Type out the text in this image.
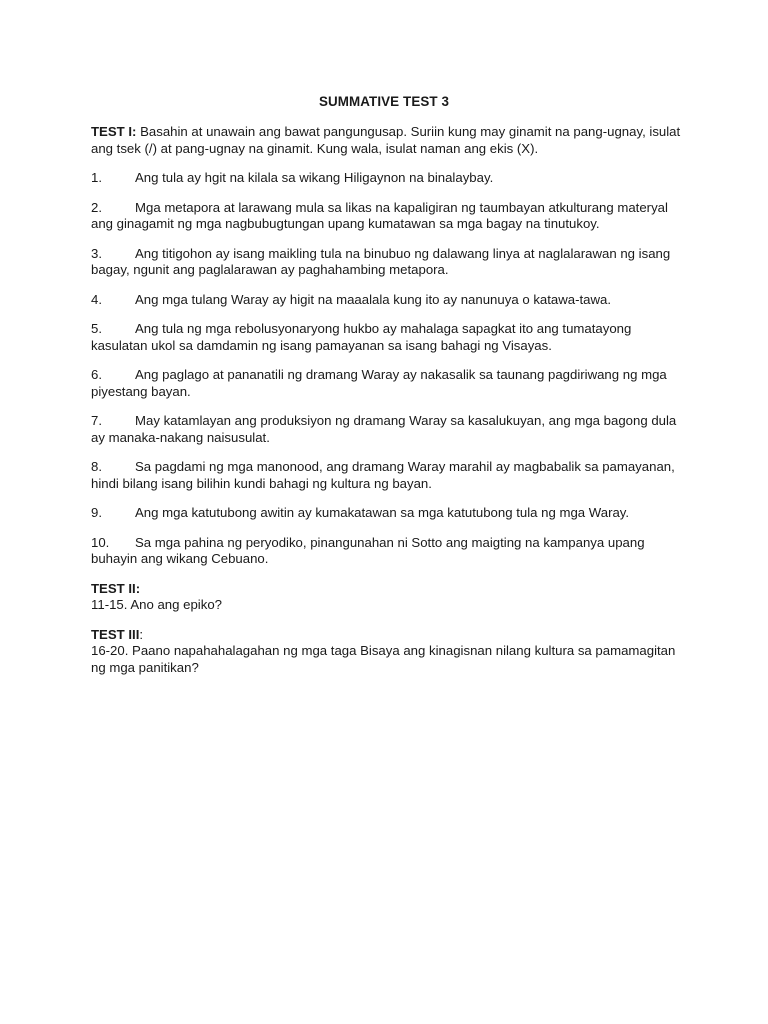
SUMMATIVE TEST 3

TEST I: Basahin at unawain ang bawat pangungusap. Suriin kung may ginamit na pang-ugnay, isulat ang tsek (/) at pang-ugnay na ginamit. Kung wala, isulat naman ang ekis (X).

1.	Ang tula ay hgit na kilala sa wikang Hiligaynon na binalaybay.

2.	Mga metapora at larawang mula sa likas na kapaligiran ng taumbayan atkulturang materyal ang ginagamit ng mga nagbubugtungan upang kumatawan sa mga bagay na tinutukoy.

3.	Ang titigohon ay isang maikling tula na binubuo ng dalawang linya at naglalarawan ng isang bagay, ngunit ang paglalarawan ay paghahambing metapora.

4.	Ang mga tulang Waray ay higit na maaalala kung ito ay nanunuya o katawa-tawa.

5.	Ang tula ng mga rebolusyonaryong hukbo ay mahalaga sapagkat ito ang tumatayong kasulatan ukol sa damdamin ng isang pamayanan sa isang bahagi ng Visayas.

6.	Ang paglago at pananatili ng dramang Waray ay nakasalik sa taunang pagdiriwang ng mga piyestang bayan.

7.	May katamlayan ang produksiyon ng dramang Waray sa kasalukuyan, ang mga bagong dula ay manaka-nakang naisusulat.

8.	Sa pagdami ng mga manonood, ang dramang Waray marahil ay magbabalik sa pamayanan, hindi bilang isang bilihin kundi bahagi ng kultura ng bayan.

9.	Ang mga katutubong awitin ay kumakatawan sa mga katutubong tula ng mga Waray.

10. Sa mga pahina ng peryodiko, pinangunahan ni Sotto ang maigting na kampanya upang buhayin ang wikang Cebuano.

TEST II:

11-15. Ano ang epiko?

TEST III:

16-20. Paano napahahalagahan ng mga taga Bisaya ang kinagisnan nilang kultura sa pamamagitan ng mga panitikan?
